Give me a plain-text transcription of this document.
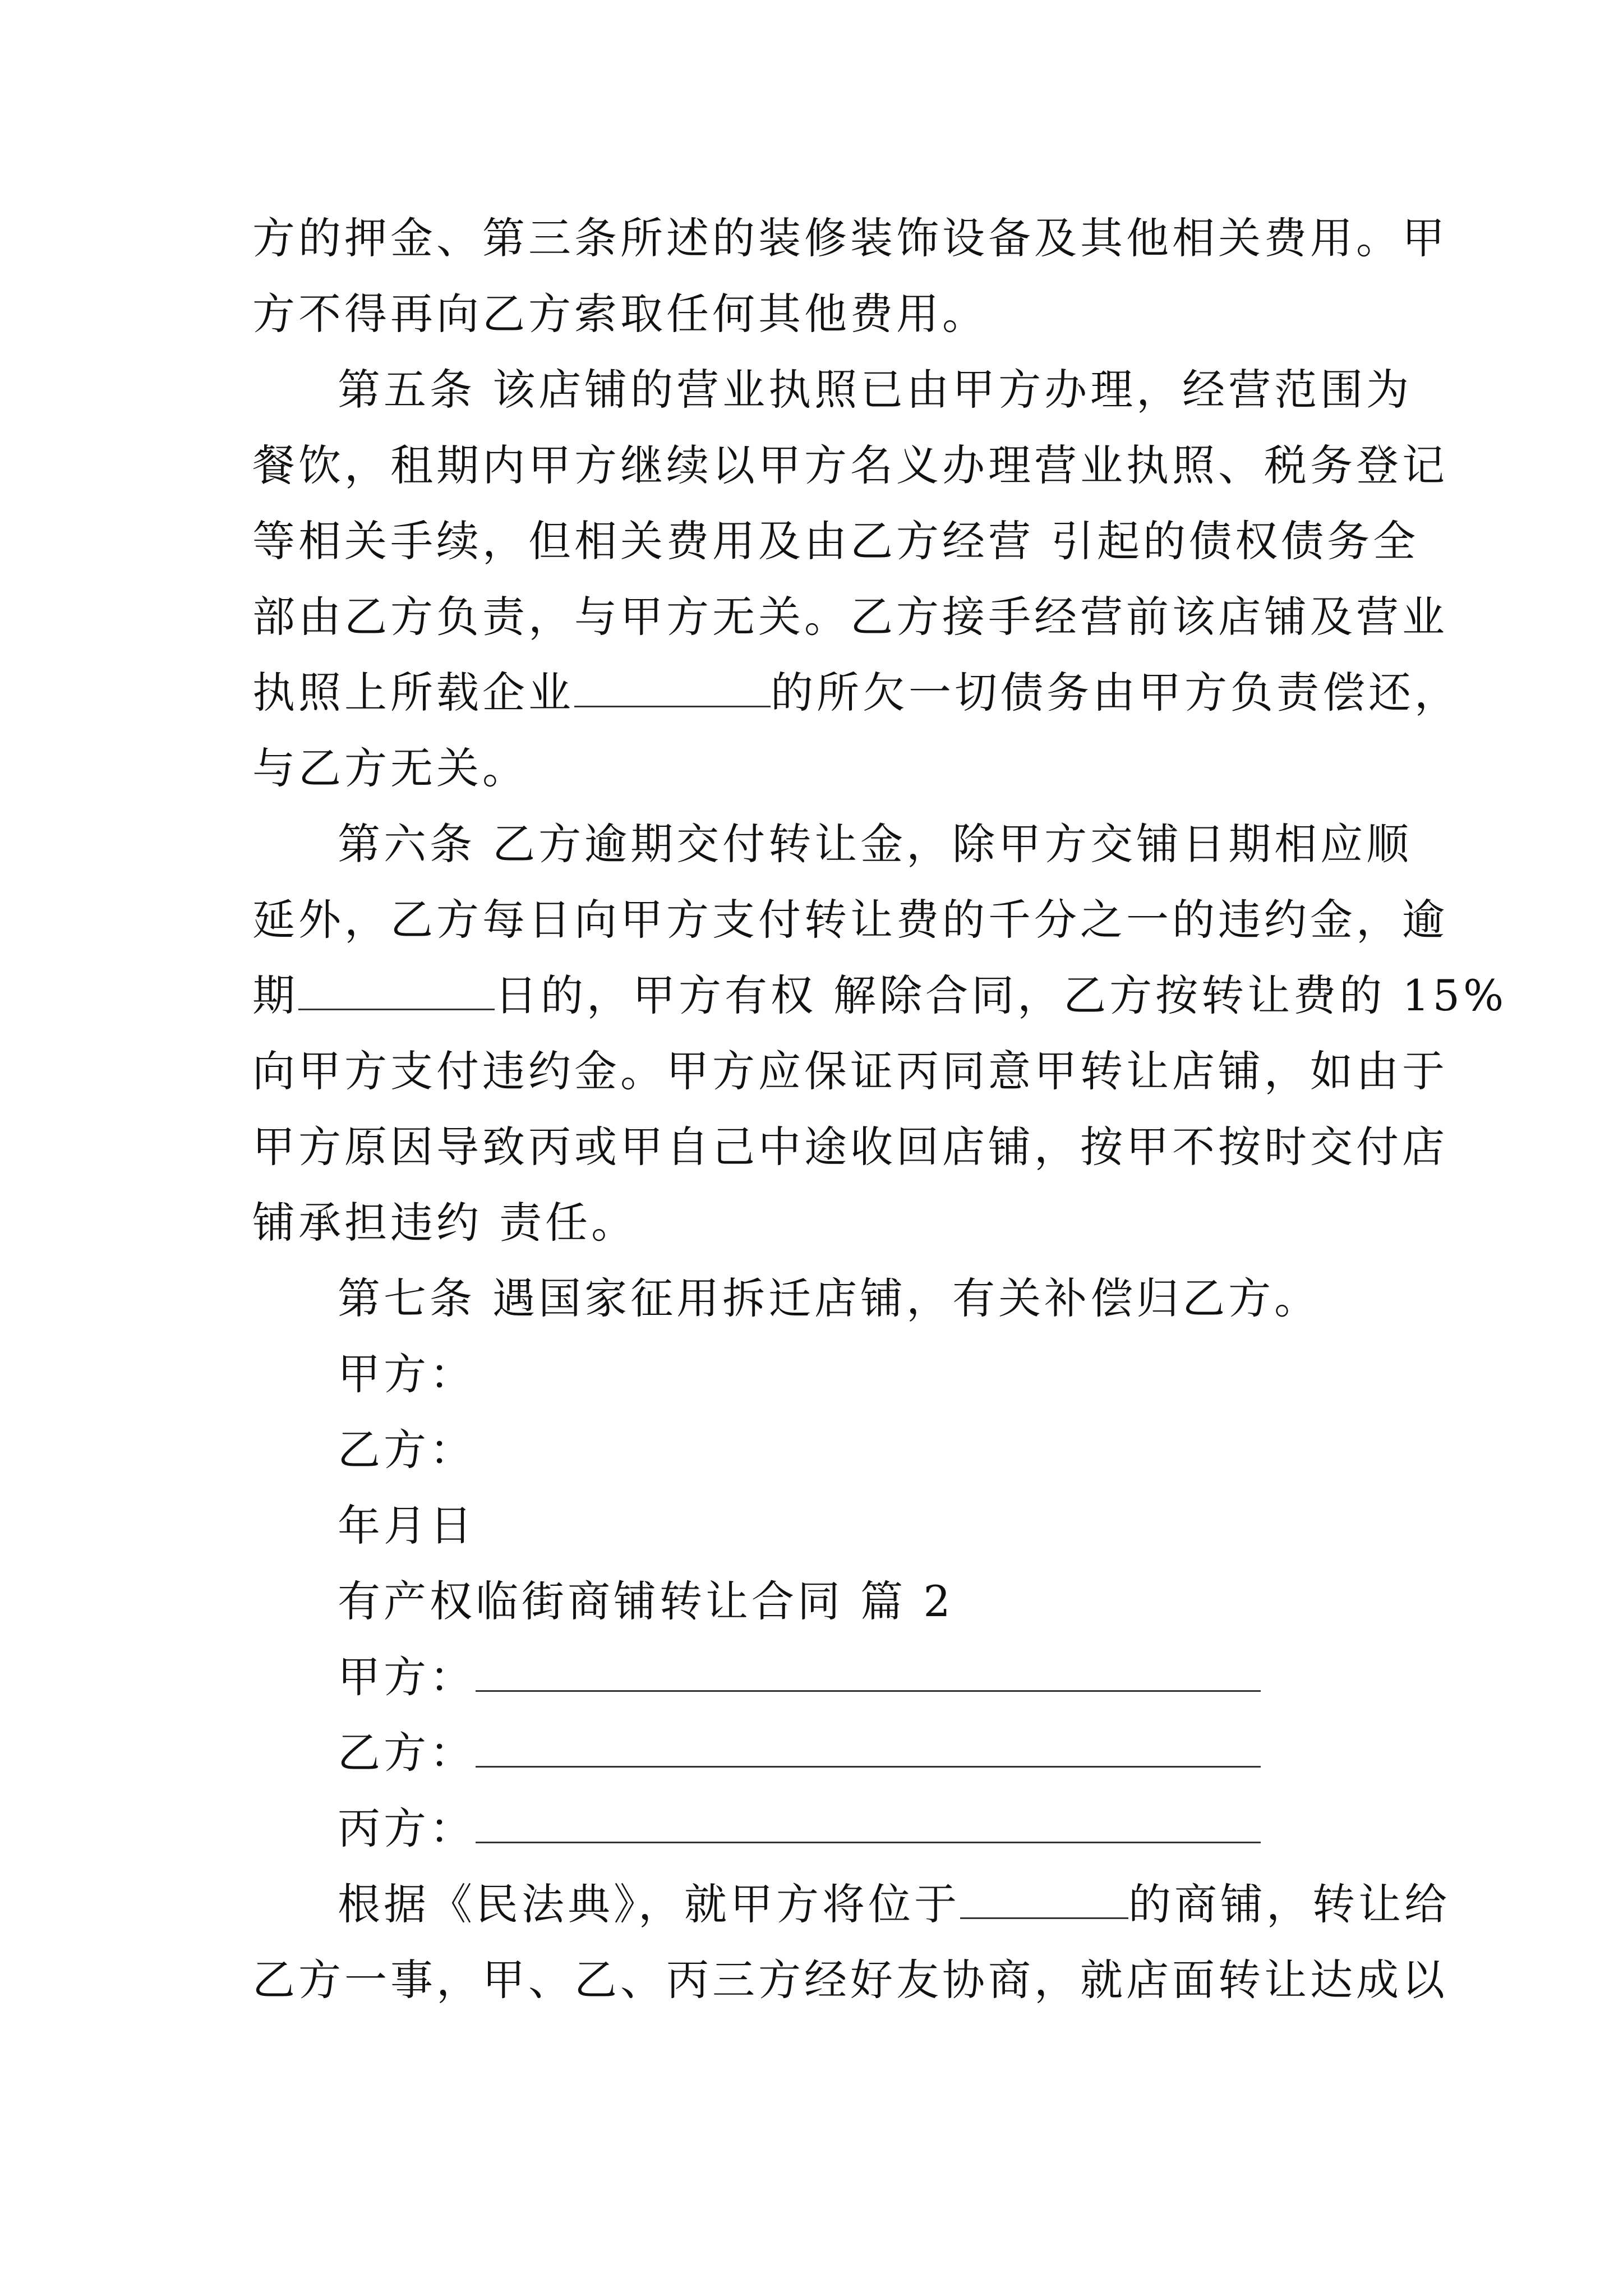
方的押金、第三条所述的装修装饰设备及其他相关费用。甲
方不得再向乙方索取任何其他费用。
第五条 该店铺的营业执照已由甲方办理，经营范围为
餐饮，租期内甲方继续以甲方名义办理营业执照、税务登记
等相关手续，但相关费用及由乙方经营 引起的债权债务全
部由乙方负责，与甲方无关。乙方接手经营前该店铺及营业
执照上所载企业	的所欠一切债务由甲方负责偿还，
与乙方无关。
第六条 乙方逾期交付转让金，除甲方交铺日期相应顺
延外，乙方每日向甲方支付转让费的千分之一的违约金，逾
期	日的，甲方有权 解除合同，乙方按转让费的 15%
向甲方支付违约金。甲方应保证丙同意甲转让店铺，如由于
甲方原因导致丙或甲自己中途收回店铺，按甲不按时交付店
铺承担违约 责任。
第七条 遇国家征用拆迁店铺，有关补偿归乙方。
甲方：
乙方：
年月日
有产权临街商铺转让合同 篇 2
甲方：
乙方：
丙方：
根据《民法典》，就甲方将位于	的商铺，转让给
乙方一事，甲、乙、丙三方经好友协商，就店面转让达成以
